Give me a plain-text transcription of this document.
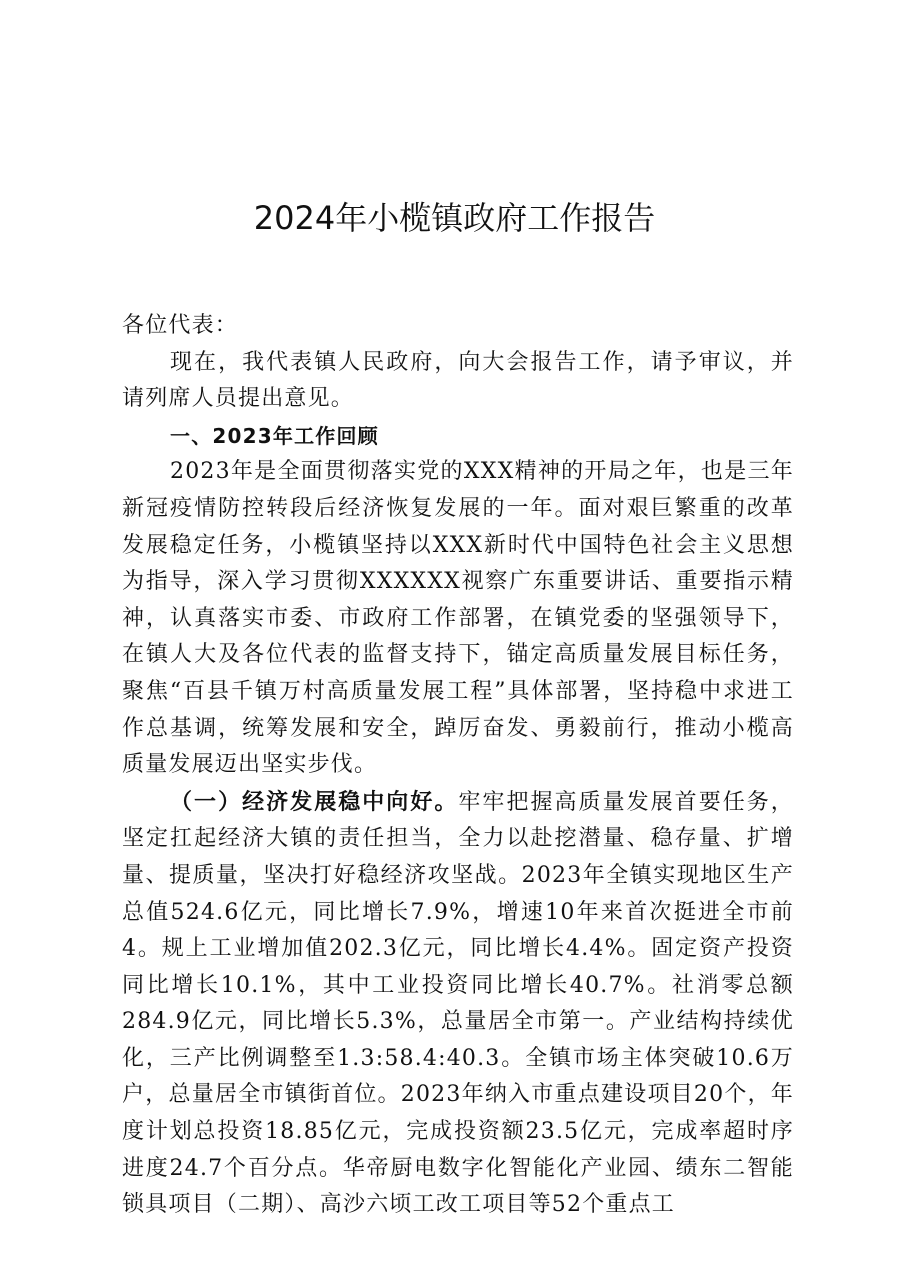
2024年小榄镇政府工作报告

各位代表：

现在，我代表镇人民政府，向大会报告工作，请予审议，并请列席人员提出意见。

一、2023年工作回顾

2023年是全面贯彻落实党的XXX精神的开局之年，也是三年新冠疫情防控转段后经济恢复发展的一年。面对艰巨繁重的改革发展稳定任务，小榄镇坚持以XXX新时代中国特色社会主义思想为指导，深入学习贯彻XXXXXX视察广东重要讲话、重要指示精神，认真落实市委、市政府工作部署，在镇党委的坚强领导下，在镇人大及各位代表的监督支持下，锚定高质量发展目标任务，聚焦“百县千镇万村高质量发展工程”具体部署，坚持稳中求进工作总基调，统筹发展和安全，踔厉奋发、勇毅前行，推动小榄高质量发展迈出坚实步伐。

（一）经济发展稳中向好。牢牢把握高质量发展首要任务，坚定扛起经济大镇的责任担当，全力以赴挖潜量、稳存量、扩增量、提质量，坚决打好稳经济攻坚战。2023年全镇实现地区生产总值524.6亿元，同比增长7.9%，增速10年来首次挺进全市前4。规上工业增加值202.3亿元，同比增长4.4%。固定资产投资同比增长10.1%，其中工业投资同比增长40.7%。社消零总额284.9亿元，同比增长5.3%，总量居全市第一。产业结构持续优化，三产比例调整至1.3:58.4:40.3。全镇市场主体突破10.6万户，总量居全市镇街首位。2023年纳入市重点建设项目20个，年度计划总投资18.85亿元，完成投资额23.5亿元，完成率超时序进度24.7个百分点。华帝厨电数字化智能化产业园、绩东二智能锁具项目（二期）、高沙六顷工改工项目等52个重点工
